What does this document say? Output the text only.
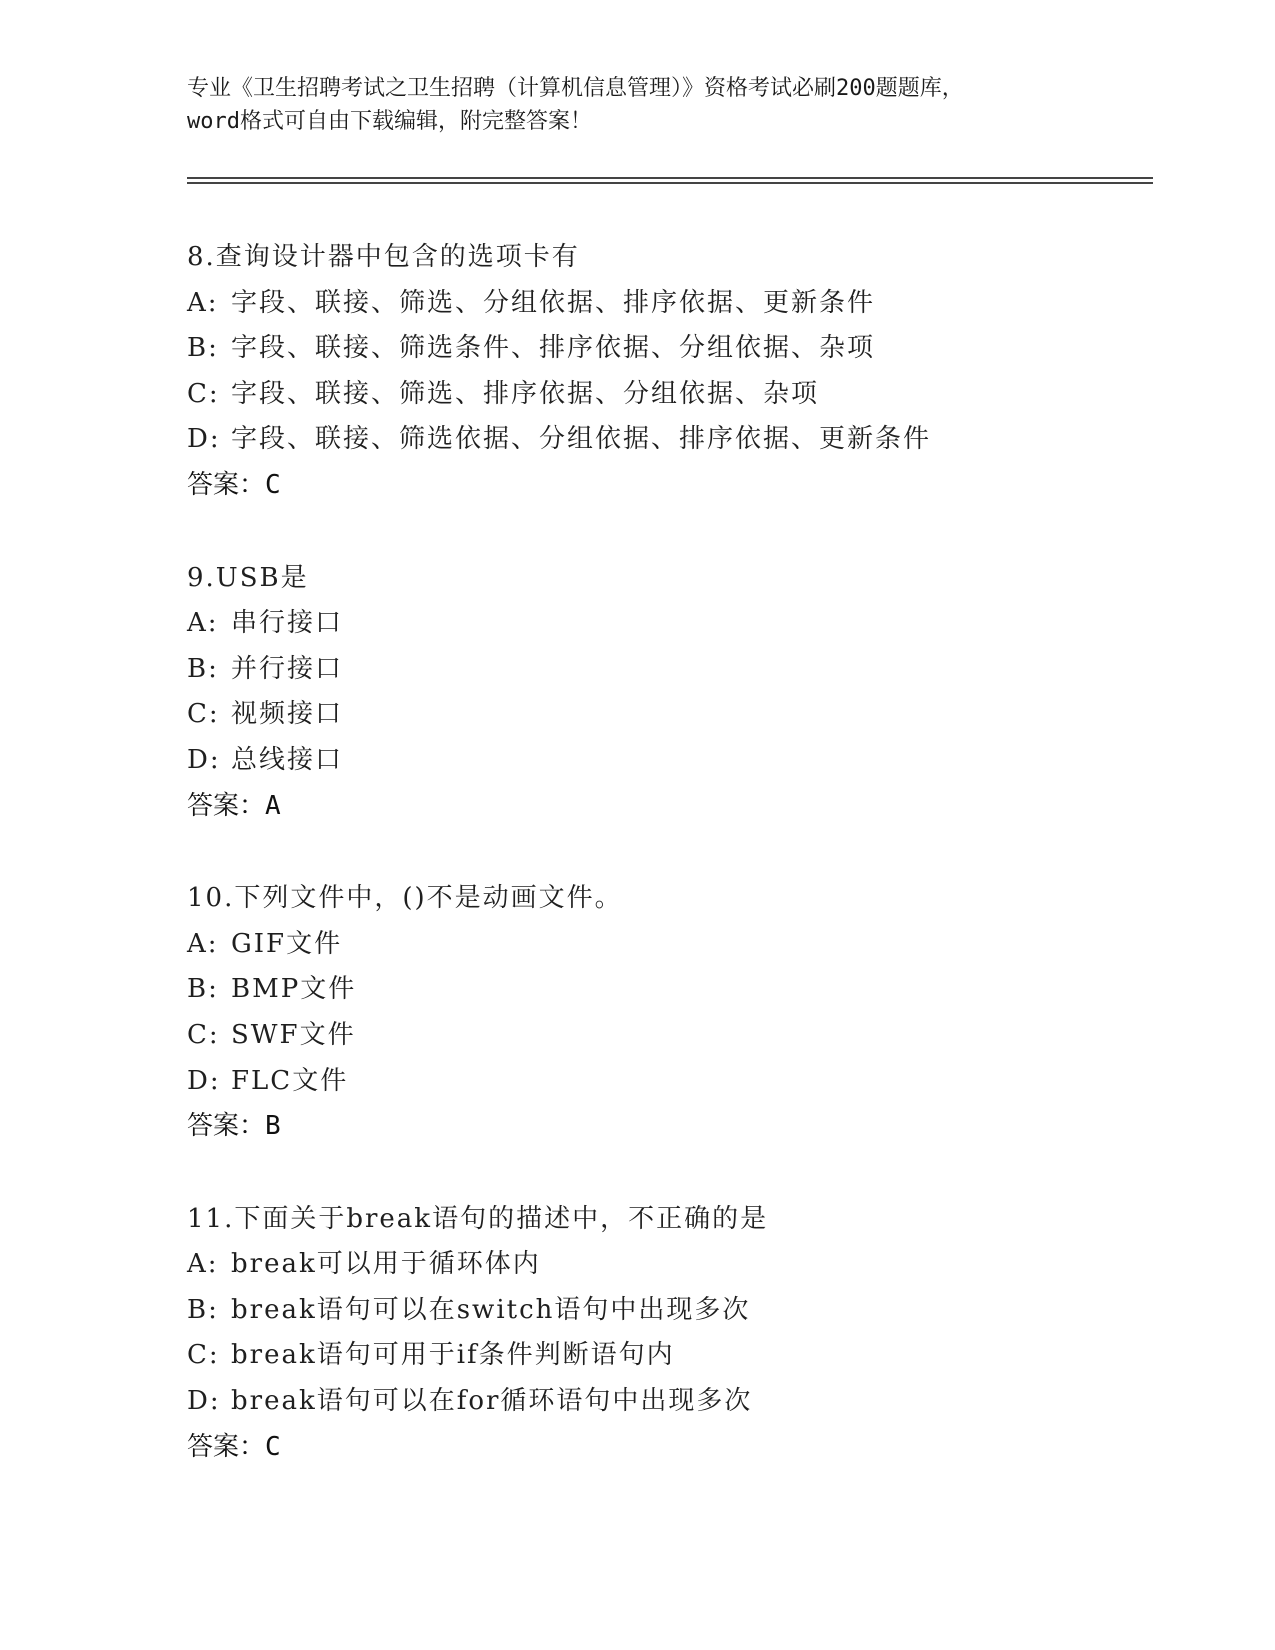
专业《卫生招聘考试之卫生招聘（计算机信息管理）》资格考试必刷200题题库，
word格式可自由下载编辑，附完整答案！
8.查询设计器中包含的选项卡有
A: 字段、联接、筛选、分组依据、排序依据、更新条件
B: 字段、联接、筛选条件、排序依据、分组依据、杂项
C: 字段、联接、筛选、排序依据、分组依据、杂项
D: 字段、联接、筛选依据、分组依据、排序依据、更新条件
答案：C
9.USB是
A: 串行接口
B: 并行接口
C: 视频接口
D: 总线接口
答案：A
10.下列文件中，()不是动画文件。
A: GIF文件
B: BMP文件
C: SWF文件
D: FLC文件
答案：B
11.下面关于break语句的描述中，不正确的是
A: break可以用于循环体内
B: break语句可以在switch语句中出现多次
C: break语句可用于if条件判断语句内
D: break语句可以在for循环语句中出现多次
答案：C
